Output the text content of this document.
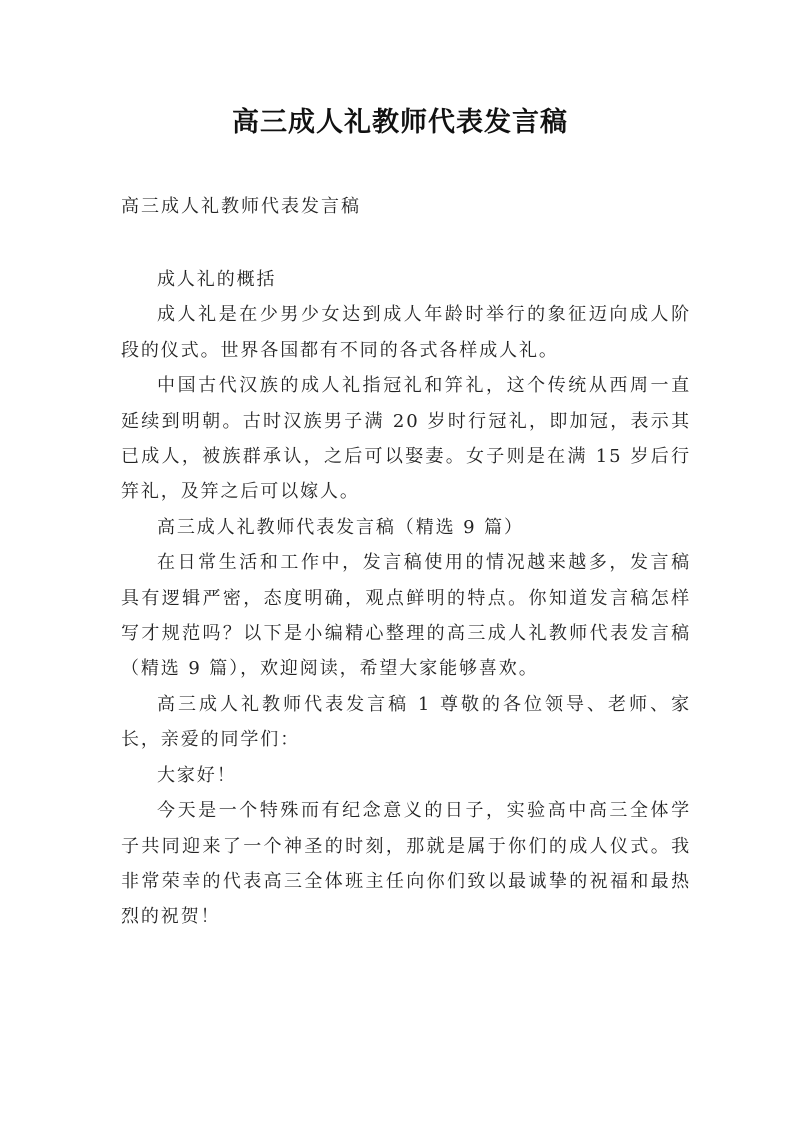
高三成人礼教师代表发言稿
高三成人礼教师代表发言稿

成人礼的概括

成人礼是在少男少女达到成人年龄时举行的象征迈向成人阶段的仪式。世界各国都有不同的各式各样成人礼。

中国古代汉族的成人礼指冠礼和笄礼，这个传统从西周一直延续到明朝。古时汉族男子满 20 岁时行冠礼，即加冠，表示其已成人，被族群承认，之后可以娶妻。女子则是在满 15 岁后行笄礼，及笄之后可以嫁人。

高三成人礼教师代表发言稿（精选 9 篇）

在日常生活和工作中，发言稿使用的情况越来越多，发言稿具有逻辑严密，态度明确，观点鲜明的特点。你知道发言稿怎样写才规范吗？以下是小编精心整理的高三成人礼教师代表发言稿（精选 9 篇），欢迎阅读，希望大家能够喜欢。

高三成人礼教师代表发言稿 1 尊敬的各位领导、老师、家长，亲爱的同学们：

大家好！

今天是一个特殊而有纪念意义的日子，实验高中高三全体学子共同迎来了一个神圣的时刻，那就是属于你们的成人仪式。我非常荣幸的代表高三全体班主任向你们致以最诚挚的祝福和最热烈的祝贺！
